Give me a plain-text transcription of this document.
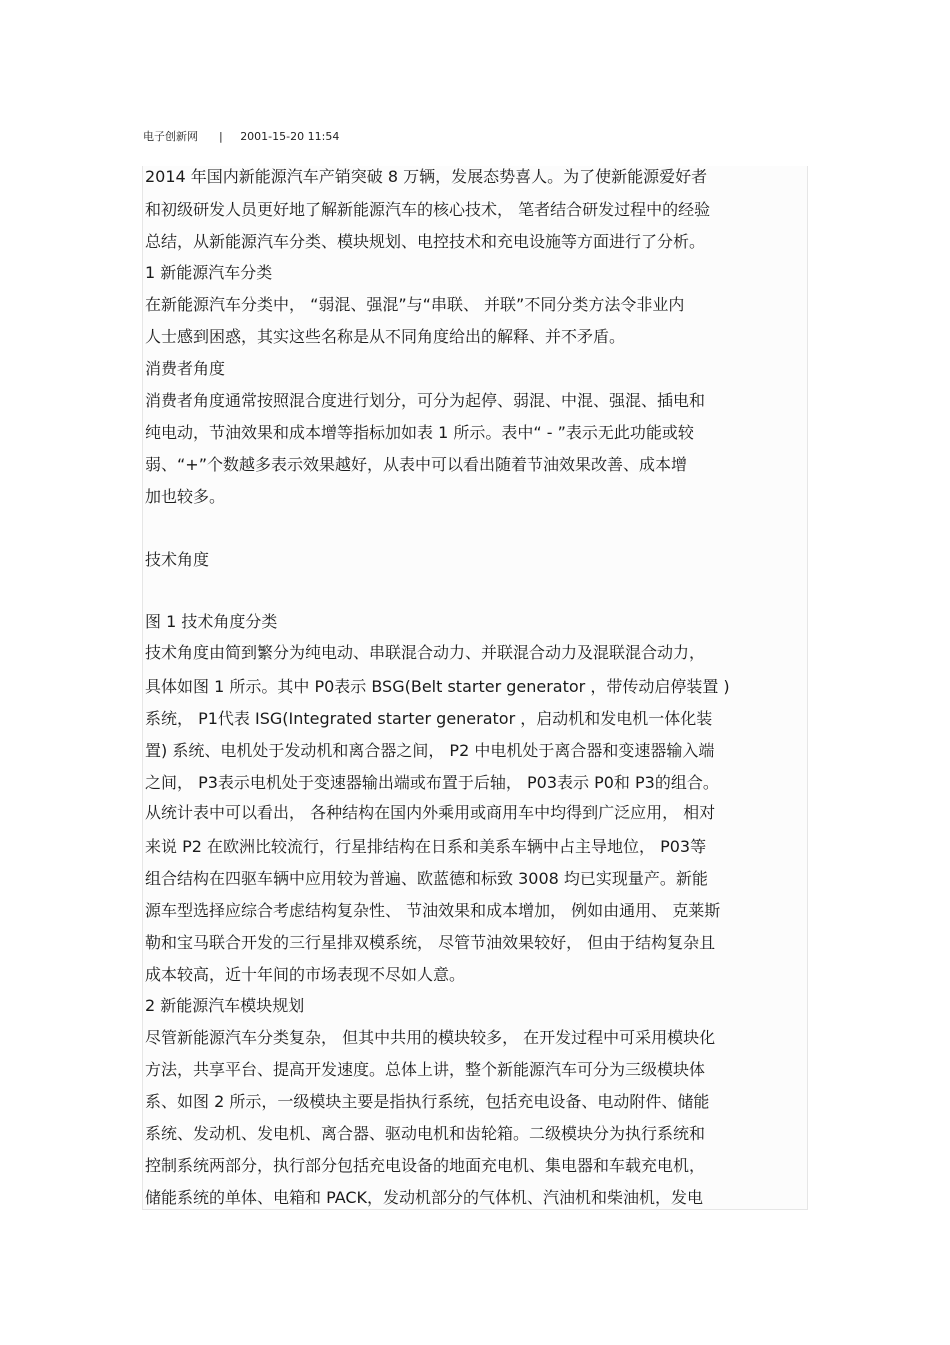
电子创新网 | 2001-15-20 11:54
2014 年国内新能源汽车产销突破 8 万辆，发展态势喜人。为了使新能源爱好者
和初级研发人员更好地了解新能源汽车的核心技术， 笔者结合研发过程中的经验
总结，从新能源汽车分类、模块规划、电控技术和充电设施等方面进行了分析。
1 新能源汽车分类
在新能源汽车分类中， “弱混、强混”与“串联、 并联”不同分类方法令非业内
人士感到困惑，其实这些名称是从不同角度给出的解释、并不矛盾。
消费者角度
消费者角度通常按照混合度进行划分，可分为起停、弱混、中混、强混、插电和
纯电动，节油效果和成本增等指标加如表 1 所示。表中“ - ”表示无此功能或较
弱、“+”个数越多表示效果越好，从表中可以看出随着节油效果改善、成本增
加也较多。
技术角度
图 1 技术角度分类
技术角度由简到繁分为纯电动、串联混合动力、并联混合动力及混联混合动力，
具体如图 1 所示。其中 P0表示 BSG(Belt starter generator ，带传动启停装置 )
系统， P1代表 ISG(Integrated starter generator ，启动机和发电机一体化装
置) 系统、电机处于发动机和离合器之间， P2 中电机处于离合器和变速器输入端
之间， P3表示电机处于变速器输出端或布置于后轴， P03表示 P0和 P3的组合。
从统计表中可以看出， 各种结构在国内外乘用或商用车中均得到广泛应用， 相对
来说 P2 在欧洲比较流行，行星排结构在日系和美系车辆中占主导地位， P03等
组合结构在四驱车辆中应用较为普遍、欧蓝德和标致 3008 均已实现量产。新能
源车型选择应综合考虑结构复杂性、 节油效果和成本增加， 例如由通用、 克莱斯
勒和宝马联合开发的三行星排双模系统， 尽管节油效果较好， 但由于结构复杂且
成本较高，近十年间的市场表现不尽如人意。
2 新能源汽车模块规划
尽管新能源汽车分类复杂， 但其中共用的模块较多， 在开发过程中可采用模块化
方法，共享平台、提高开发速度。总体上讲，整个新能源汽车可分为三级模块体
系、如图 2 所示，一级模块主要是指执行系统，包括充电设备、电动附件、储能
系统、发动机、发电机、离合器、驱动电机和齿轮箱。二级模块分为执行系统和
控制系统两部分，执行部分包括充电设备的地面充电机、集电器和车载充电机，
储能系统的单体、电箱和 PACK，发动机部分的气体机、汽油机和柴油机，发电
